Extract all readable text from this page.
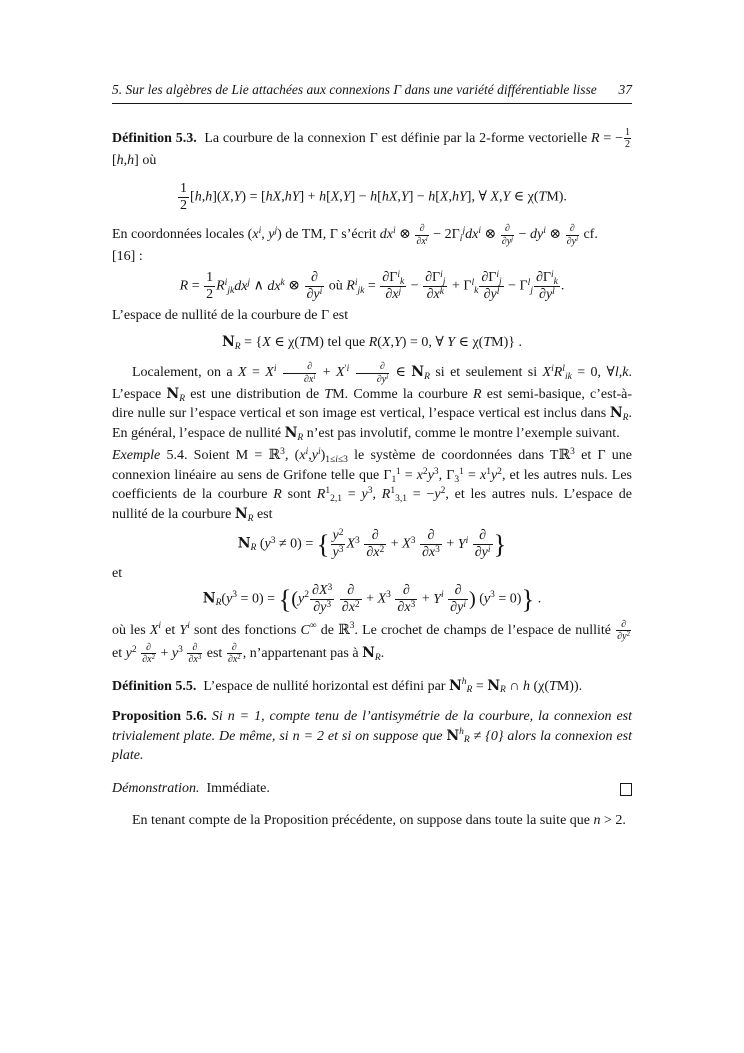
5. Sur les algèbres de Lie attachées aux connexions Γ dans une variété différentiable lisse 37

Définition 5.3.  La courbure de la connexion Γ est définie par la 2-forme vectorielle R = − $\frac{1}{2}$
[h,h] où

$\frac{1}{2} [h,h](X,Y) = [hX,hY] + h[X,Y] - h[hX,Y] - h[X,hY]$, ∀ X,Y ∈ χ(TM).

En coordonnées locales ($x^i$, $y^j$) de TM, Γ s’écrit $dx^i$ ⊗ ∂
$\partial x^i - 2\Gamma_i^jdx^i$ ⊗ ∂
$\partial y^j - dy^i$ ⊗ ∂
$\partial y^i$ cf.
[16] :

$R = \frac{1}{2} R^i_{jk}dx^j$ ∧ $dx^k$ ⊗
∂
$\partial y^i$ où $R^i_{jk}$ =
$\partial\Gamma^i_k$
$\partial x^j$ −
$\partial\Gamma^i_j$
$\partial x^k + \Gamma^l_k$
$\partial\Gamma^i_j$
$\partial y^l - \Gamma^l_j$
$\partial\Gamma^i_k$
$\partial y^l$ .

L’espace de nullité de la courbure de Γ est

$N_R = \{X$ ∈ χ(TM) tel que R(X,Y) = 0, ∀ Y ∈ χ(TM)} .

Localement, on a $X = X^i$	∂
$\partial x^i + X^{'i}$	∂
$\partial y^i$ ∈ $N_R$ si et seulement si $X^iR^l_{ik} = 0$, ∀l,k. L’espace $N_R$ est une distribution de TM. Comme la courbure R est semi-basique, c’est-à-dire nulle sur l’espace vertical et son image est vertical, l’espace vertical est inclus dans $N_R$. En général, l’espace de nullité $N_R$ n’est pas involutif, comme le montre l’exemple suivant.

Exemple 5.4. Soient M = ℝ$^3$, $(x^i,y^i)_{1\le i\le 3}$ le système de coordonnées dans Tℝ$^3$ et Γ une connexion linéaire au sens de Grifone telle que $\Gamma_1^1 = x^2y^3$, $\Gamma_3^1 = x^1y^2$, et les autres nuls. Les coefficients de la courbure R sont $R^1_{2,1} = y^3$, $R^1_{3,1} = -y^2$, et les autres nuls. L’espace de nullité de la courbure $N_R$ est

$N_R$ $(y^3 \ne 0)$ = { $\frac{y^2}{y^3} X^3$ ∂
$\partial x^2 + X^3$ ∂
$\partial x^3 + Y^i$ ∂
$\partial y^i$ }

et

$N_R(y^3 = 0) = \{(y^2 \frac{\partial X^3}{\partial y^3}$
∂
$\partial x^2 + X^3$ ∂
$\partial x^3 + Y^i$ ∂
$\partial y^i$ ) $(y^3 = 0)$} .

où les $X^i$ et $Y^i$ sont des fonctions C∞ de ℝ$^3$. Le crochet de champs de l’espace de nullité ∂
$\partial y^2$
et $y^2$ ∂
$\partial x^2 + y^3$ ∂
$\partial x^3$ est ∂
$\partial x^2$ , n’appartenant pas à $N_R$.

Définition 5.5.  L’espace de nullité horizontal est défini par $N^h_R = N_R$ ∩ h (χ(TM)).

Proposition 5.6. Si n = 1, compte tenu de l’antisymétrie de la courbure, la connexion est trivialement plate. De même, si n = 2 et si on suppose que $N^h_R \ne \{0\}$ alors la connexion est plate.

Démonstration.  Immédiate.

En tenant compte de la Proposition précédente, on suppose dans toute la suite que n > 2.
